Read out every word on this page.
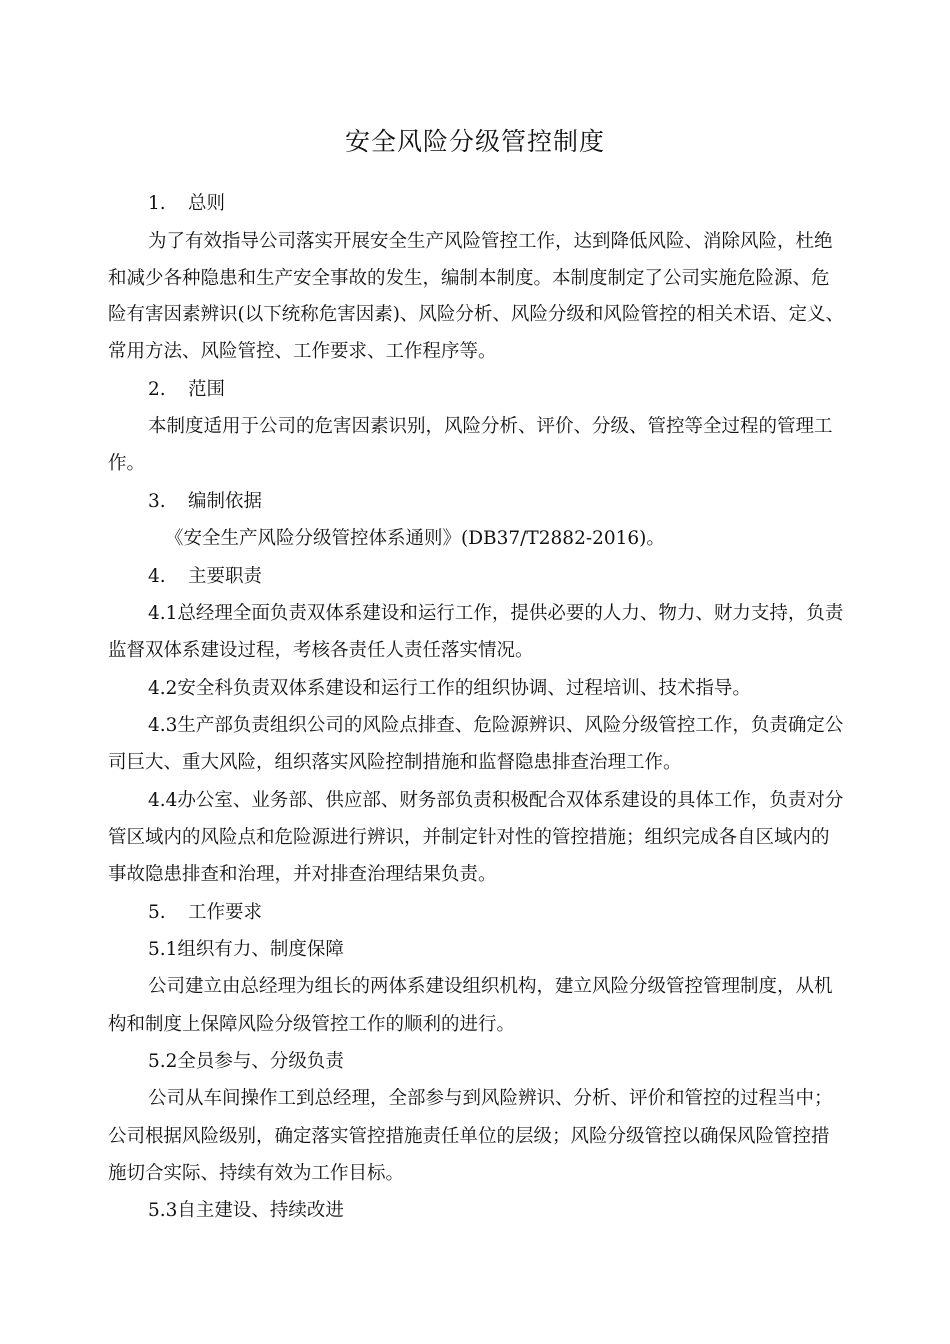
安全风险分级管控制度
1. 总则
为了有效指导公司落实开展安全生产风险管控工作，达到降低风险、消除风险，杜绝
和减少各种隐患和生产安全事故的发生，编制本制度。本制度制定了公司实施危险源、危
险有害因素辨识(以下统称危害因素)、风险分析、风险分级和风险管控的相关术语、定义、
常用方法、风险管控、工作要求、工作程序等。
2. 范围
本制度适用于公司的危害因素识别，风险分析、评价、分级、管控等全过程的管理工
作。
3. 编制依据
《安全生产风险分级管控体系通则》(DB37/T2882-2016)。
4. 主要职责
4.1总经理全面负责双体系建设和运行工作，提供必要的人力、物力、财力支持，负责
监督双体系建设过程，考核各责任人责任落实情况。
4.2安全科负责双体系建设和运行工作的组织协调、过程培训、技术指导。
4.3生产部负责组织公司的风险点排查、危险源辨识、风险分级管控工作，负责确定公
司巨大、重大风险，组织落实风险控制措施和监督隐患排查治理工作。
4.4办公室、业务部、供应部、财务部负责积极配合双体系建设的具体工作，负责对分
管区域内的风险点和危险源进行辨识，并制定针对性的管控措施；组织完成各自区域内的
事故隐患排查和治理，并对排查治理结果负责。
5. 工作要求
5.1组织有力、制度保障
公司建立由总经理为组长的两体系建设组织机构，建立风险分级管控管理制度，从机
构和制度上保障风险分级管控工作的顺利的进行。
5.2全员参与、分级负责
公司从车间操作工到总经理，全部参与到风险辨识、分析、评价和管控的过程当中；
公司根据风险级别，确定落实管控措施责任单位的层级；风险分级管控以确保风险管控措
施切合实际、持续有效为工作目标。
5.3自主建设、持续改进
